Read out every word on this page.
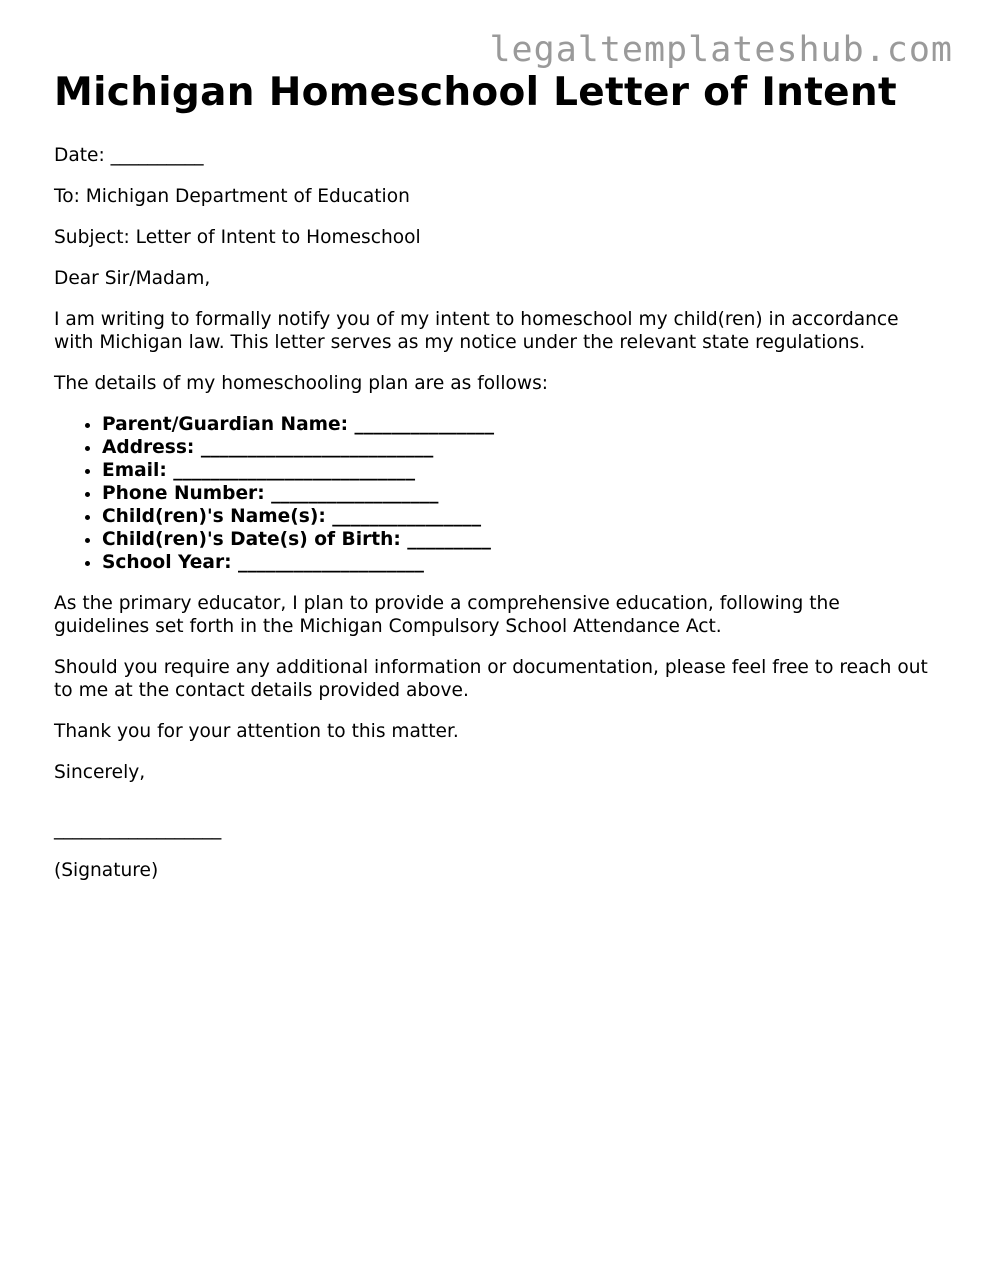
legaltemplateshub.com
Michigan Homeschool Letter of Intent

Date: __________

To: Michigan Department of Education

Subject: Letter of Intent to Homeschool

Dear Sir/Madam,

I am writing to formally notify you of my intent to homeschool my child(ren) in accordance with Michigan law. This letter serves as my notice under the relevant state regulations.

The details of my homeschooling plan are as follows:

• Parent/Guardian Name: _______________
• Address: _________________________
• Email: __________________________
• Phone Number: __________________
• Child(ren)'s Name(s): ________________
• Child(ren)'s Date(s) of Birth: _________
• School Year: ____________________

As the primary educator, I plan to provide a comprehensive education, following the guidelines set forth in the Michigan Compulsory School Attendance Act.

Should you require any additional information or documentation, please feel free to reach out to me at the contact details provided above.

Thank you for your attention to this matter.

Sincerely,

__________________

(Signature)
